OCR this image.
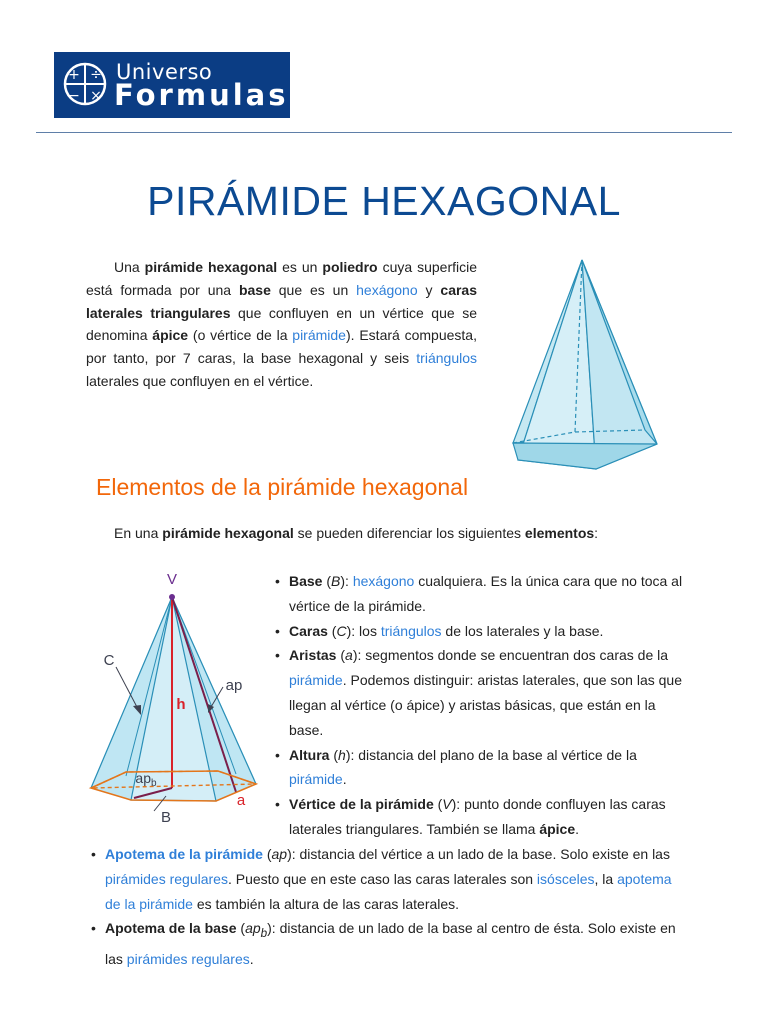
+ ÷
− ×
Universo
Formulas
PIRÁMIDE HEXAGONAL

Una pirámide hexagonal es un poliedro cuya superficie está formada por una base que es un hexágono y caras laterales triangulares que confluyen en un vértice que se denomina ápice (o vértice de la pirámide). Estará compuesta, por tanto, por 7 caras, la base hexagonal y seis triángulos laterales que confluyen en el vértice.

Elementos de la pirámide hexagonal

En una pirámide hexagonal se pueden diferenciar los siguientes elementos:

V
C
ap
h
$ap_b$
a
B
• Base (B): hexágono cualquiera. Es la única cara que no toca al vértice de la pirámide.
• Caras (C): los triángulos de los laterales y la base.
• Aristas (a): segmentos donde se encuentran dos caras de la pirámide. Podemos distinguir: aristas laterales, que son las que llegan al vértice (o ápice) y aristas básicas, que están en la base.
• Altura (h): distancia del plano de la base al vértice de la pirámide.
• Vértice de la pirámide (V): punto donde confluyen las caras laterales triangulares. También se llama ápice.
• Apotema de la pirámide (ap): distancia del vértice a un lado de la base. Solo existe en las pirámides regulares. Puesto que en este caso las caras laterales son isósceles, la apotema de la pirámide es también la altura de las caras laterales.
• Apotema de la base $(ap_b)$: distancia de un lado de la base al centro de ésta. Solo existe en las pirámides regulares.
